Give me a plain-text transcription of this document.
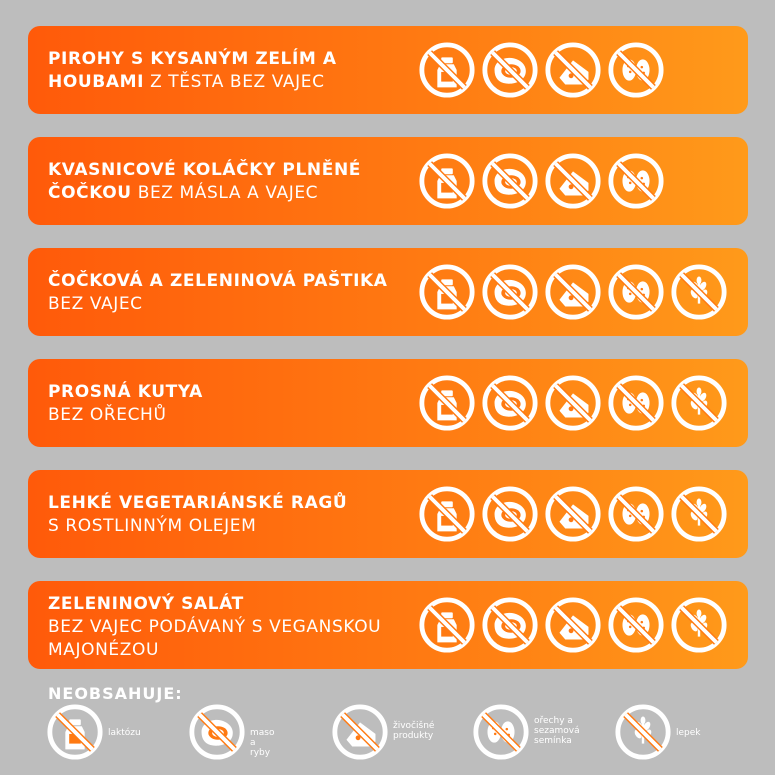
PIROHY S KYSANÝM ZELÍM A HOUBAMI Z TĚSTA BEZ VAJEC
KVASNICOVÉ KOLÁČKY PLNĚNÉ ČOČKOU BEZ MÁSLA A VAJEC
ČOČKOVÁ A ZELENINOVÁ PAŠTIKA BEZ VAJEC
PROSNÁ KUTYA
BEZ OŘECHŮ
LEHKÉ VEGETARIÁNSKÉ RAGŮ
S ROSTLINNÝM OLEJEM
ZELENINOVÝ SALÁT
BEZ VAJEC PODÁVANÝ S VEGANSKOU MAJONÉZOU
NEOBSAHUJE:
laktózu	maso a ryby
živočišné produkty
ořechy a sezamová semínka
lepek
